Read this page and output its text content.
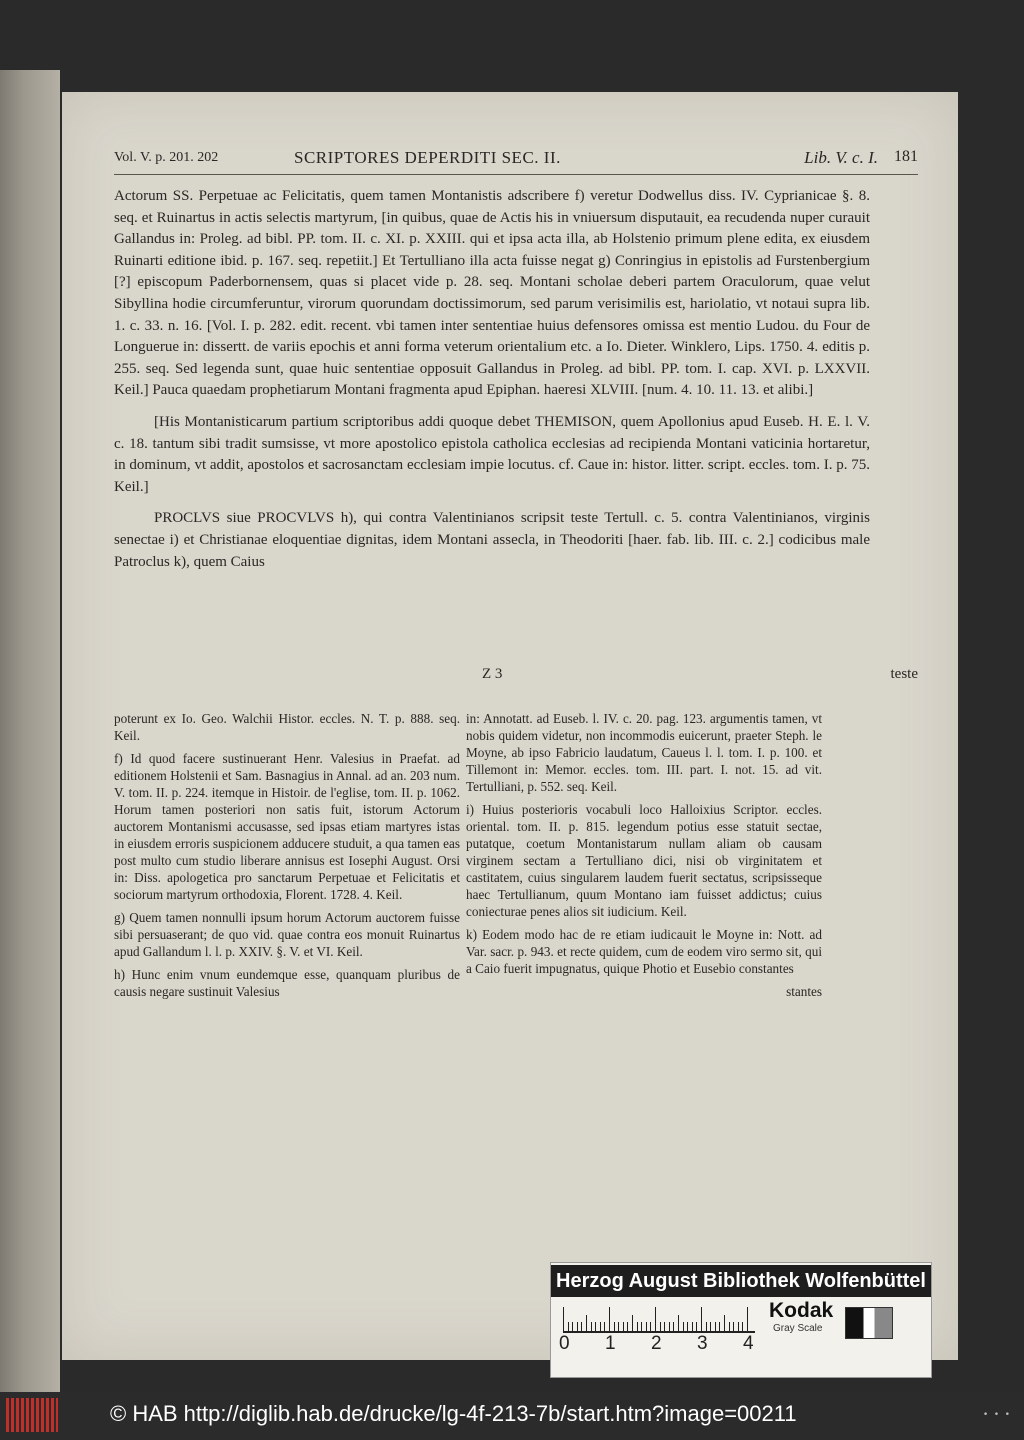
Vol. V. p. 201. 202	SCRIPTORES DEPERDITI SEC. II.	Lib. V. c. I. 181

Actorum SS. Perpetuae ac Felicitatis, quem tamen Montanistis adscribere f) veretur Dodwellus diss. IV. Cyprianicae §. 8. seq. et Ruinartus in actis selectis martyrum, [in quibus, quae de Actis his in vniuersum disputauit, ea recudenda nuper curauit Gallandus in: Proleg. ad bibl. PP. tom. II. c. XI. p. XXIII. qui et ipsa acta illa, ab Holstenio primum plene edita, ex eiusdem Ruinarti editione ibid. p. 167. seq. repetiit.] Et Tertulliano illa acta fuisse negat g) Conringius in epistolis ad Furstenbergium [?] episcopum Paderbornensem, quas si placet vide p. 28. seq. Montani scholae deberi partem Oraculorum, quae velut Sibyllina hodie circumferuntur, virorum quorundam doctissimorum, sed parum verisimilis est, hariolatio, vt notaui supra lib. 1. c. 33. n. 16. [Vol. I. p. 282. edit. recent. vbi tamen inter sententiae huius defensores omissa est mentio Ludou. du Four de Longuerue in: dissertt. de variis epochis et anni forma veterum orientalium etc. a Io. Dieter. Winklero, Lips. 1750. 4. editis p. 255. seq. Sed legenda sunt, quae huic sententiae opposuit Gallandus in Proleg. ad bibl. PP. tom. I. cap. XVI. p. LXXVII. Keil.] Pauca quaedam prophetiarum Montani fragmenta apud Epiphan. haeresi XLVIII. [num. 4. 10. 11. 13. et alibi.]

[His Montanisticarum partium scriptoribus addi quoque debet THEMISON, quem Apollonius apud Euseb. H. E. l. V. c. 18. tantum sibi tradit sumsisse, vt more apostolico epistola catholica ecclesias ad recipienda Montani vaticinia hortaretur, in dominum, vt addit, apostolos et sacrosanctam ecclesiam impie locutus. cf. Caue in: histor. litter. script. eccles. tom. I. p. 75. Keil.]

PROCLVS siue PROCVLVS h), qui contra Valentinianos scripsit teste Tertull. c. 5. contra Valentinianos, virginis senectae i) et Christianae eloquentiae dignitas, idem Montani assecla, in Theodoriti [haer. fab. lib. III. c. 2.] codicibus male Patroclus k), quem Caius

Z 3	teste

poterunt ex Io. Geo. Walchii Histor. eccles. N. T. p. 888. seq. Keil.

f) Id quod facere sustinuerant Henr. Valesius in Praefat. ad editionem Holstenii et Sam. Basnagius in Annal. ad an. 203 num. V. tom. II. p. 224. itemque in Histoir. de l'eglise, tom. II. p. 1062. Horum tamen posteriori non satis fuit, istorum Actorum auctorem Montanismi accusasse, sed ipsas etiam martyres istas in eiusdem erroris suspicionem adducere studuit, a qua tamen eas post multo cum studio liberare annisus est Iosephi August. Orsi in: Diss. apologetica pro sanctarum Perpetuae et Felicitatis et sociorum martyrum orthodoxia, Florent. 1728. 4. Keil.

g) Quem tamen nonnulli ipsum horum Actorum auctorem fuisse sibi persuaserant; de quo vid. quae contra eos monuit Ruinartus apud Gallandum l. l. p. XXIV. §. V. et VI. Keil.

h) Hunc enim vnum eundemque esse, quanquam pluribus de causis negare sustinuit Valesius

in: Annotatt. ad Euseb. l. IV. c. 20. pag. 123. argumentis tamen, vt nobis quidem videtur, non incommodis euicerunt, praeter Steph. le Moyne, ab ipso Fabricio laudatum, Caueus l. l. tom. I. p. 100. et Tillemont in: Memor. eccles. tom. III. part. I. not. 15. ad vit. Tertulliani, p. 552. seq. Keil.

i) Huius posterioris vocabuli loco Halloixius Scriptor. eccles. oriental. tom. II. p. 815. legendum potius esse statuit sectae, putatque, coetum Montanistarum nullam aliam ob causam virginem sectam a Tertulliano dici, nisi ob virginitatem et castitatem, cuius singularem laudem fuerit sectatus, scripsisseque haec Tertullianum, quum Montano iam fuisset addictus; cuius coniecturae penes alios sit iudicium. Keil.

k) Eodem modo hac de re etiam iudicauit le Moyne in: Nott. ad Var. sacr. p. 943. et recte quidem, cum de eodem viro sermo sit, qui a Caio fuerit impugnatus, quique Photio et Eusebio constantes

stantes

Herzog August Bibliothek Wolfenbüttel
0 1 2 3 4
Kodak
Gray Scale
© HAB http://diglib.hab.de/drucke/lg-4f-213-7b/start.htm?image=00211	• • •
